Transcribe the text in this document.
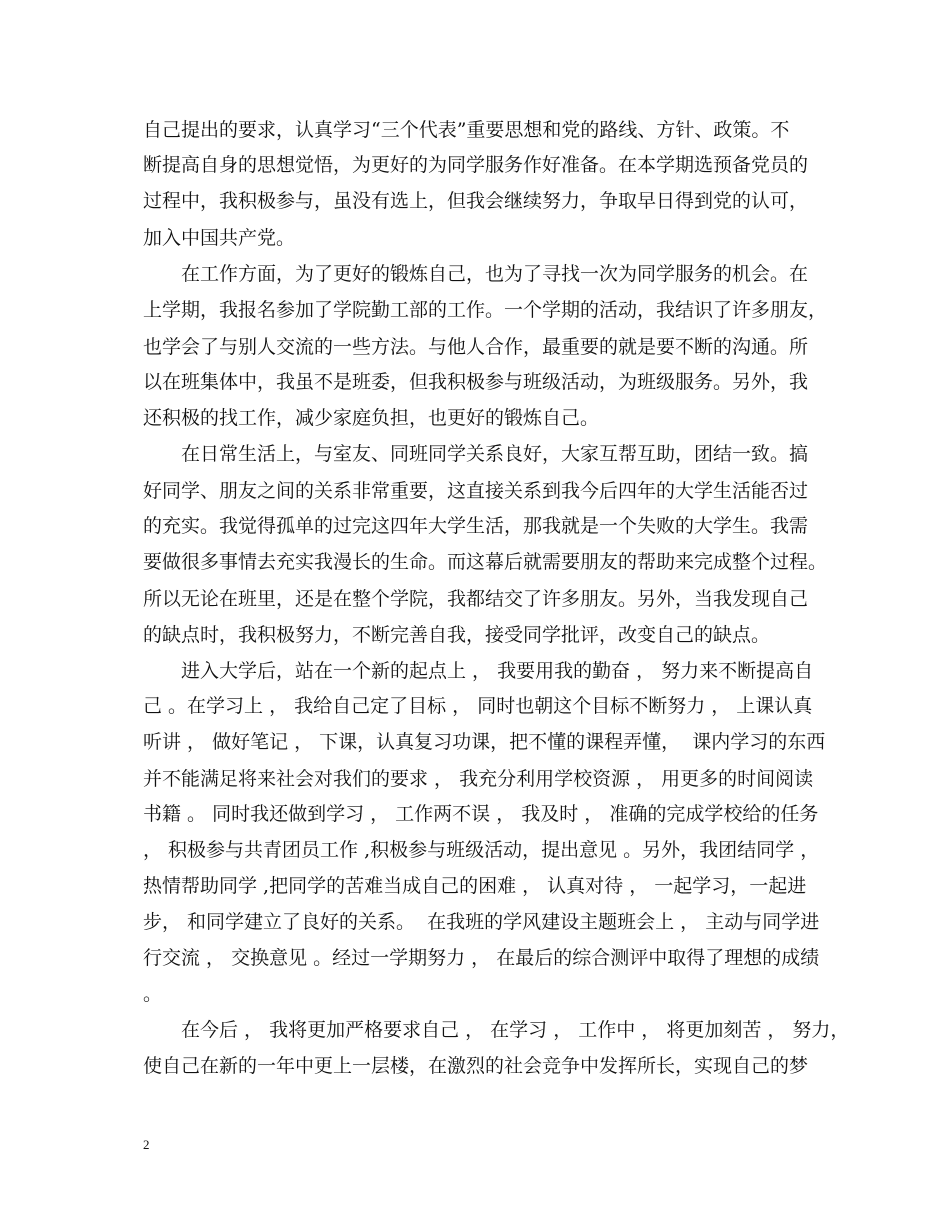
自己提出的要求，认真学习“三个代表”重要思想和党的路线、方针、政策。不
断提高自身的思想觉悟，为更好的为同学服务作好准备。在本学期选预备党员的
过程中，我积极参与，虽没有选上，但我会继续努力，争取早日得到党的认可，
加入中国共产党。
在工作方面，为了更好的锻炼自己，也为了寻找一次为同学服务的机会。在
上学期，我报名参加了学院勤工部的工作。一个学期的活动，我结识了许多朋友，
也学会了与别人交流的一些方法。与他人合作，最重要的就是要不断的沟通。所
以在班集体中，我虽不是班委，但我积极参与班级活动，为班级服务。另外，我
还积极的找工作，减少家庭负担，也更好的锻炼自己。
在日常生活上，与室友、同班同学关系良好，大家互帮互助，团结一致。搞
好同学、朋友之间的关系非常重要，这直接关系到我今后四年的大学生活能否过
的充实。我觉得孤单的过完这四年大学生活，那我就是一个失败的大学生。我需
要做很多事情去充实我漫长的生命。而这幕后就需要朋友的帮助来完成整个过程。
所以无论在班里，还是在整个学院，我都结交了许多朋友。另外，当我发现自己
的缺点时，我积极努力，不断完善自我，接受同学批评，改变自己的缺点。
进入大学后，站在一个新的起点上 ， 我要用我的勤奋 ， 努力来不断提高自
己 。在学习上 ， 我给自己定了目标 ， 同时也朝这个目标不断努力 ， 上课认真
听讲 ， 做好笔记 ， 下课，认真复习功课，把不懂的课程弄懂，  课内学习的东西
并不能满足将来社会对我们的要求 ， 我充分利用学校资源 ， 用更多的时间阅读
书籍 。 同时我还做到学习 ， 工作两不误 ， 我及时 ， 准确的完成学校给的任务
， 积极参与共青团员工作 ,积极参与班级活动，提出意见 。另外，我团结同学 ，
热情帮助同学 ,把同学的苦难当成自己的困难 ， 认真对待 ， 一起学习，一起进
步， 和同学建立了良好的关系。  在我班的学风建设主题班会上 ， 主动与同学进
行交流 ， 交换意见 。经过一学期努力 ， 在最后的综合测评中取得了理想的成绩
。
在今后 ， 我将更加严格要求自己 ， 在学习 ， 工作中 ， 将更加刻苦 ， 努力，
使自己在新的一年中更上一层楼，在激烈的社会竞争中发挥所长，实现自己的梦
2
